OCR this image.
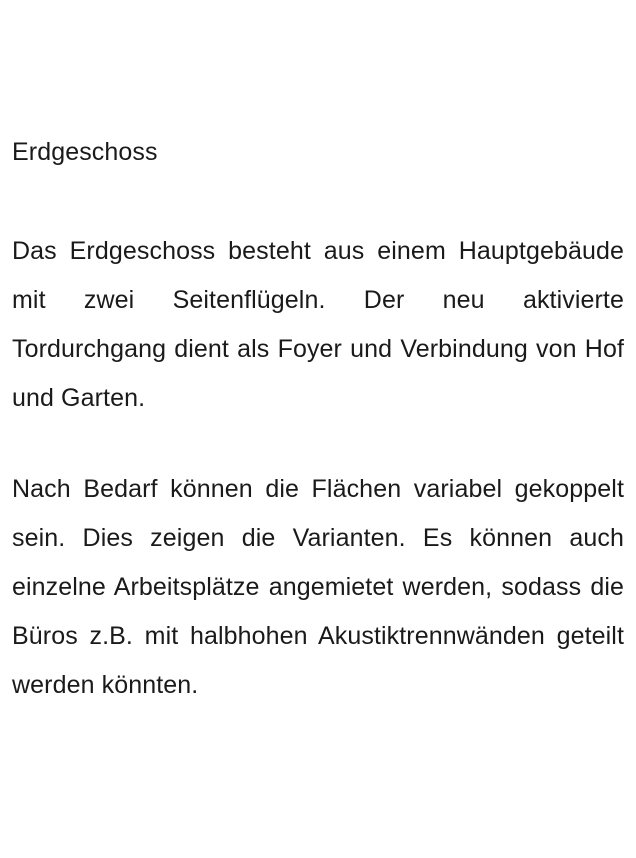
Erdgeschoss

Das Erdgeschoss besteht aus einem Hauptgebäude mit zwei Seitenflügeln. Der neu aktivierte Tordurchgang dient als Foyer und Verbindung von Hof und Garten.

Nach Bedarf können die Flächen variabel gekoppelt sein. Dies zeigen die Varianten. Es können auch einzelne Arbeitsplätze angemietet werden, sodass die Büros z.B. mit halbhohen Akustiktrennwänden geteilt werden könnten.
